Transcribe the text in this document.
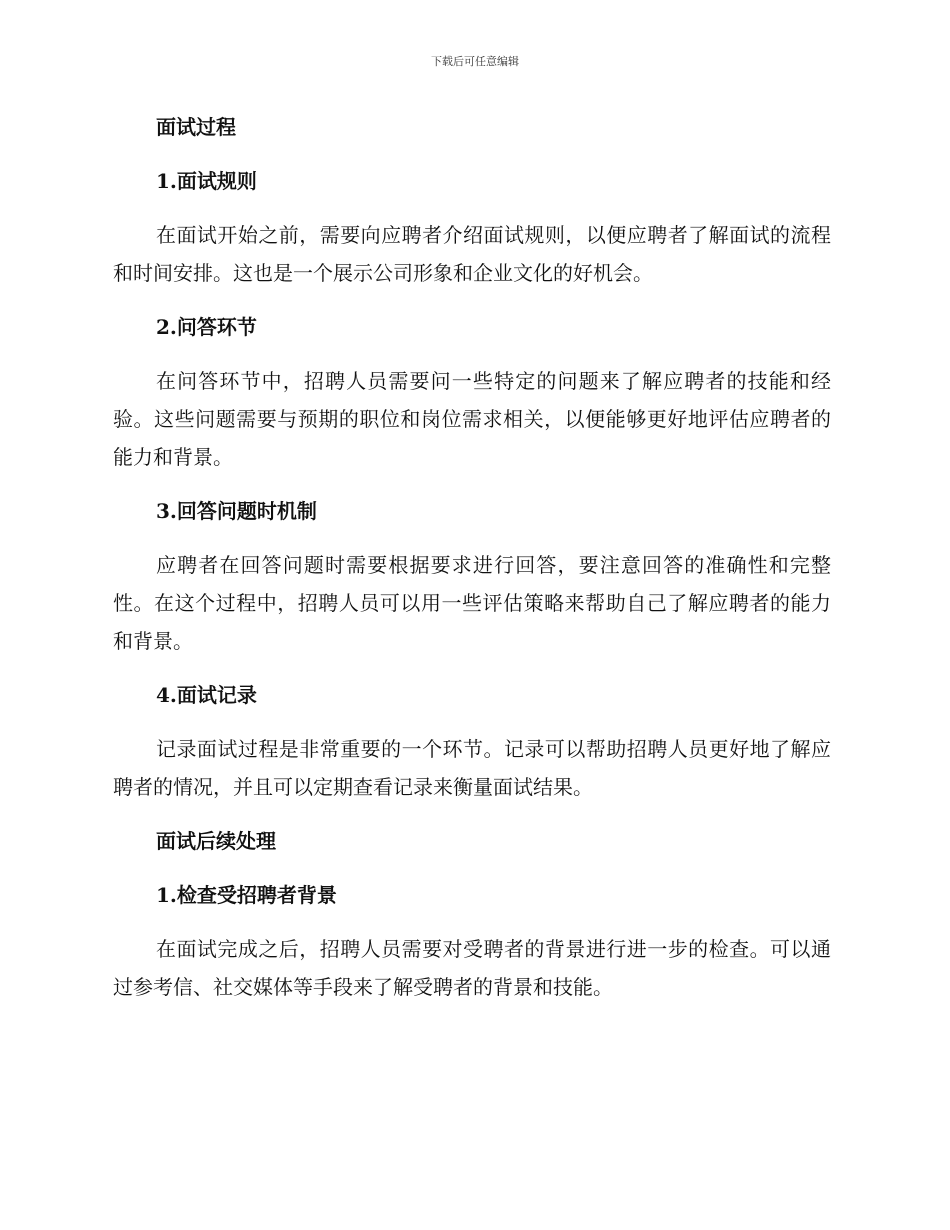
下载后可任意编辑
面试过程
1.面试规则
在面试开始之前，需要向应聘者介绍面试规则，以便应聘者了解面试的流程和时间安排。这也是一个展示公司形象和企业文化的好机会。
2.问答环节
在问答环节中，招聘人员需要问一些特定的问题来了解应聘者的技能和经验。这些问题需要与预期的职位和岗位需求相关，以便能够更好地评估应聘者的能力和背景。
3.回答问题时机制
应聘者在回答问题时需要根据要求进行回答，要注意回答的准确性和完整性。在这个过程中，招聘人员可以用一些评估策略来帮助自己了解应聘者的能力和背景。
4.面试记录
记录面试过程是非常重要的一个环节。记录可以帮助招聘人员更好地了解应聘者的情况，并且可以定期查看记录来衡量面试结果。
面试后续处理
1.检查受招聘者背景
在面试完成之后，招聘人员需要对受聘者的背景进行进一步的检查。可以通过参考信、社交媒体等手段来了解受聘者的背景和技能。
